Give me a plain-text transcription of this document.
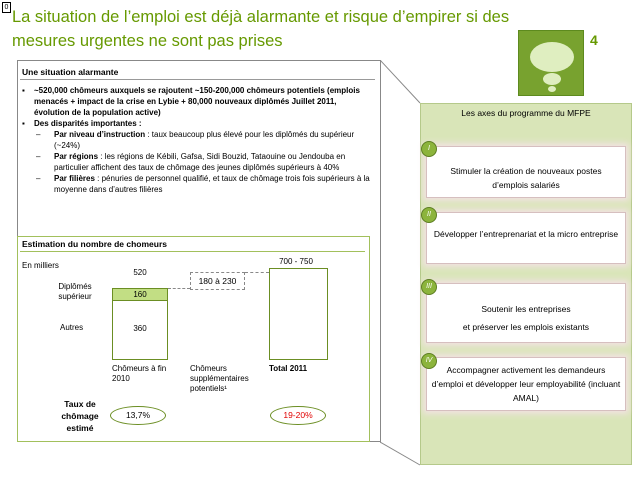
0
La situation de l’emploi est déjà alarmante et risque d’empirer si des mesures urgentes ne sont pas prises	4
Une situation alarmante
▪ ~520,000 chômeurs auxquels se rajoutent ~150-200,000 chômeurs potentiels (emplois menacés + impact de la crise en Lybie + 80,000 nouveaux diplômés Juillet 2011, évolution de la population active)
▪ Des disparités importantes :
– Par niveau d’instruction : taux beaucoup plus élevé pour les diplômés du supérieur (~24%)
– Par régions : les régions de Kébili, Gafsa, Sidi Bouzid, Tataouine ou Jendouba en particulier affichent des taux de chômage des jeunes diplômés supérieurs à 40%
– Par filières : pénuries de personnel qualifié, et taux de chômage trois fois supérieurs à la moyenne dans d’autres filières
Estimation du nombre de chomeurs
En milliers
Diplômés supérieur
Autres
520
160
360
180 à 230
700 - 750
Chômeurs à fin 2010
Chômeurs supplémentaires potentiels¹
Total 2011
Taux de chômage estimé
13,7%	19-20%
Les axes du programme du MFPE
Stimuler la création de nouveaux postes d’emplois salariés
I
Développer l’entreprenariat et la micro entreprise
II
Soutenir les entreprises
et préserver les emplois existants
III
Accompagner activement les demandeurs d’emploi et développer leur employabilité (incluant AMAL)
IV
